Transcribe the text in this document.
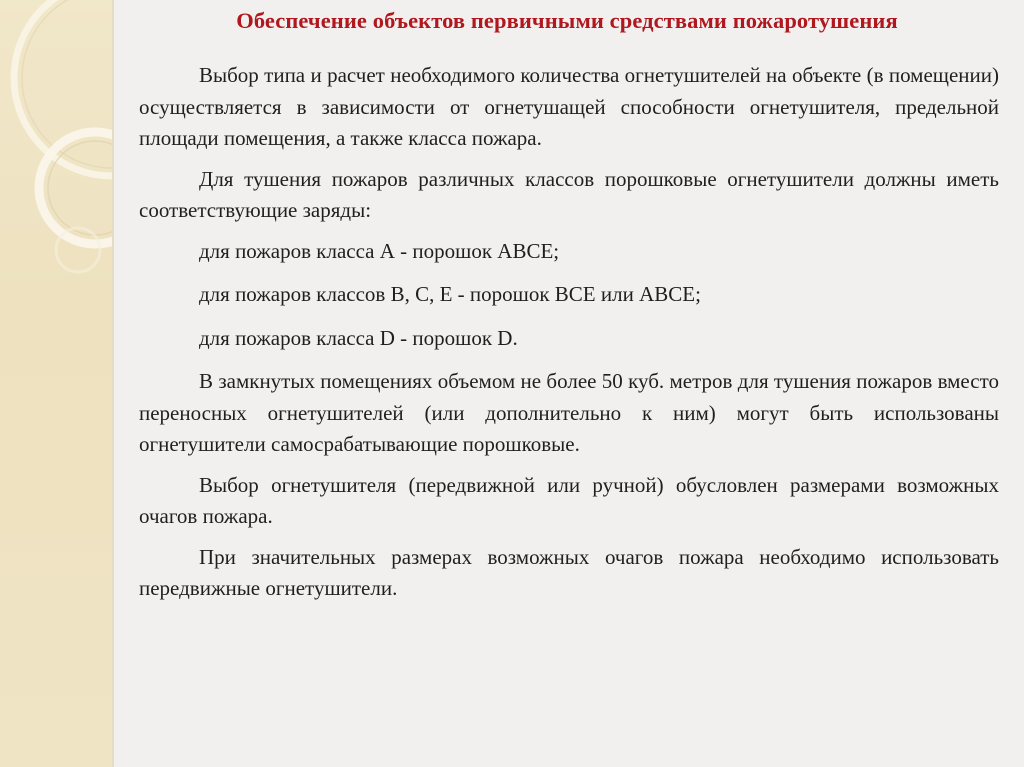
Обеспечение объектов первичными средствами пожаротушения

Выбор типа и расчет необходимого количества огнетушителей на объекте (в помещении) осуществляется в зависимости от огнетушащей способности огнетушителя, предельной площади помещения, а также класса пожара.

Для тушения пожаров различных классов порошковые огнетушители должны иметь соответствующие заряды:

для пожаров класса А - порошок АВСЕ;

для пожаров классов В, С, Е - порошок ВСЕ или АВСЕ;

для пожаров класса D - порошок D.

В замкнутых помещениях объемом не более 50 куб. метров для тушения пожаров вместо переносных огнетушителей (или дополнительно к ним) могут быть использованы огнетушители самосрабатывающие порошковые.

Выбор огнетушителя (передвижной или ручной) обусловлен размерами возможных очагов пожара.

При значительных размерах возможных очагов пожара необходимо использовать передвижные огнетушители.
